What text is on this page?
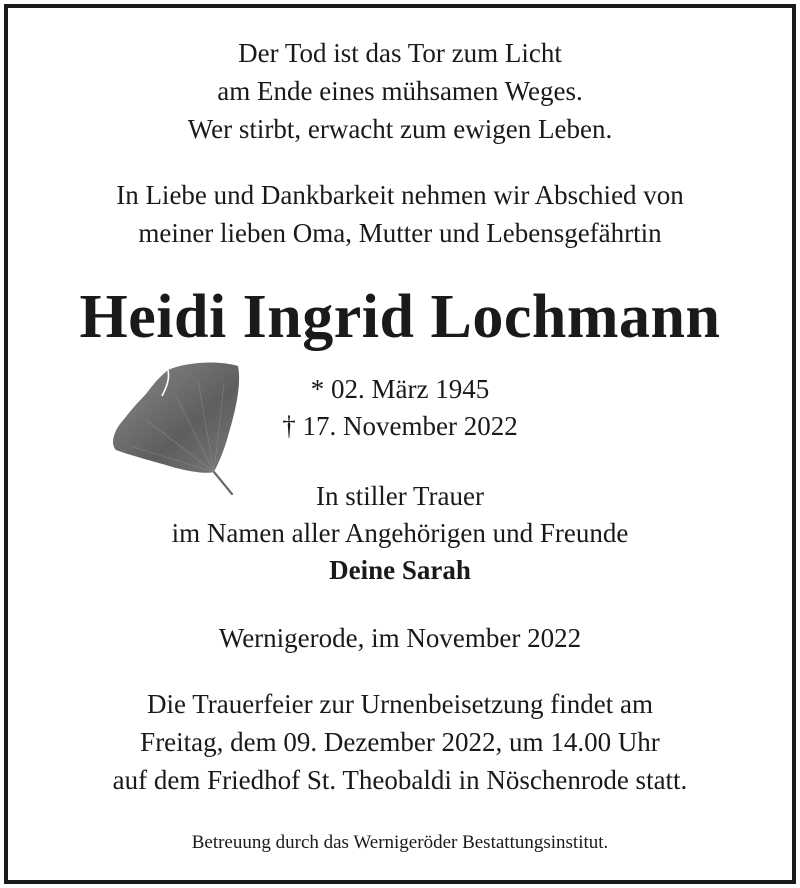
Der Tod ist das Tor zum Licht
am Ende eines mühsamen Weges.
Wer stirbt, erwacht zum ewigen Leben.
In Liebe und Dankbarkeit nehmen wir Abschied von
meiner lieben Oma, Mutter und Lebensgefährtin
Heidi Ingrid Lochmann
* 02. März 1945
† 17. November 2022
In stiller Trauer
im Namen aller Angehörigen und Freunde
Deine Sarah
Wernigerode, im November 2022
Die Trauerfeier zur Urnenbeisetzung findet am
Freitag, dem 09. Dezember 2022, um 14.00 Uhr
auf dem Friedhof St. Theobaldi in Nöschenrode statt.
Betreuung durch das Wernigeröder Bestattungsinstitut.
